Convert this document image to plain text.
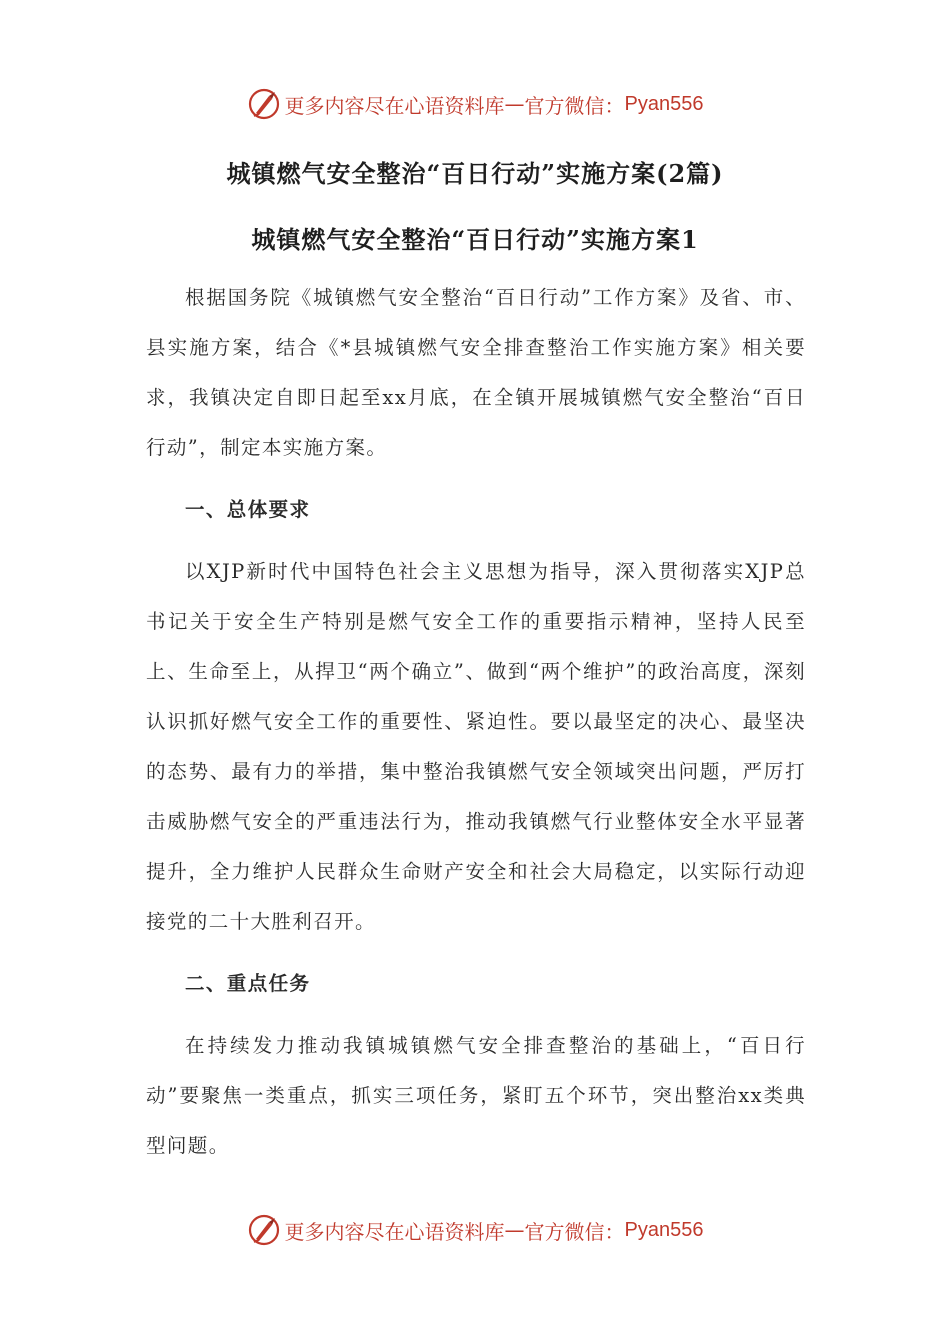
更多内容尽在心语资料库 — 官方微信： Pyan556
城镇燃气安全整治“百日行动”实施方案(2篇)
城镇燃气安全整治“百日行动”实施方案1

根据国务院《城镇燃气安全整治“百日行动”工作方案》及省、市、县实施方案，结合《*县城镇燃气安全排查整治工作实施方案》相关要求，我镇决定自即日起至xx月底，在全镇开展城镇燃气安全整治“百日行动”，制定本实施方案。

一、总体要求

以XJP新时代中国特色社会主义思想为指导，深入贯彻落实XJP总书记关于安全生产特别是燃气安全工作的重要指示精神，坚持人民至上、生命至上，从捍卫“两个确立”、做到“两个维护”的政治高度，深刻认识抓好燃气安全工作的重要性、紧迫性。要以最坚定的决心、最坚决的态势、最有力的举措，集中整治我镇燃气安全领域突出问题，严厉打击威胁燃气安全的严重违法行为，推动我镇燃气行业整体安全水平显著提升，全力维护人民群众生命财产安全和社会大局稳定，以实际行动迎接党的二十大胜利召开。

二、重点任务

在持续发力推动我镇城镇燃气安全排查整治的基础上，“百日行动”要聚焦一类重点，抓实三项任务，紧盯五个环节，突出整治xx类典型问题。

更多内容尽在心语资料库 — 官方微信： Pyan556
